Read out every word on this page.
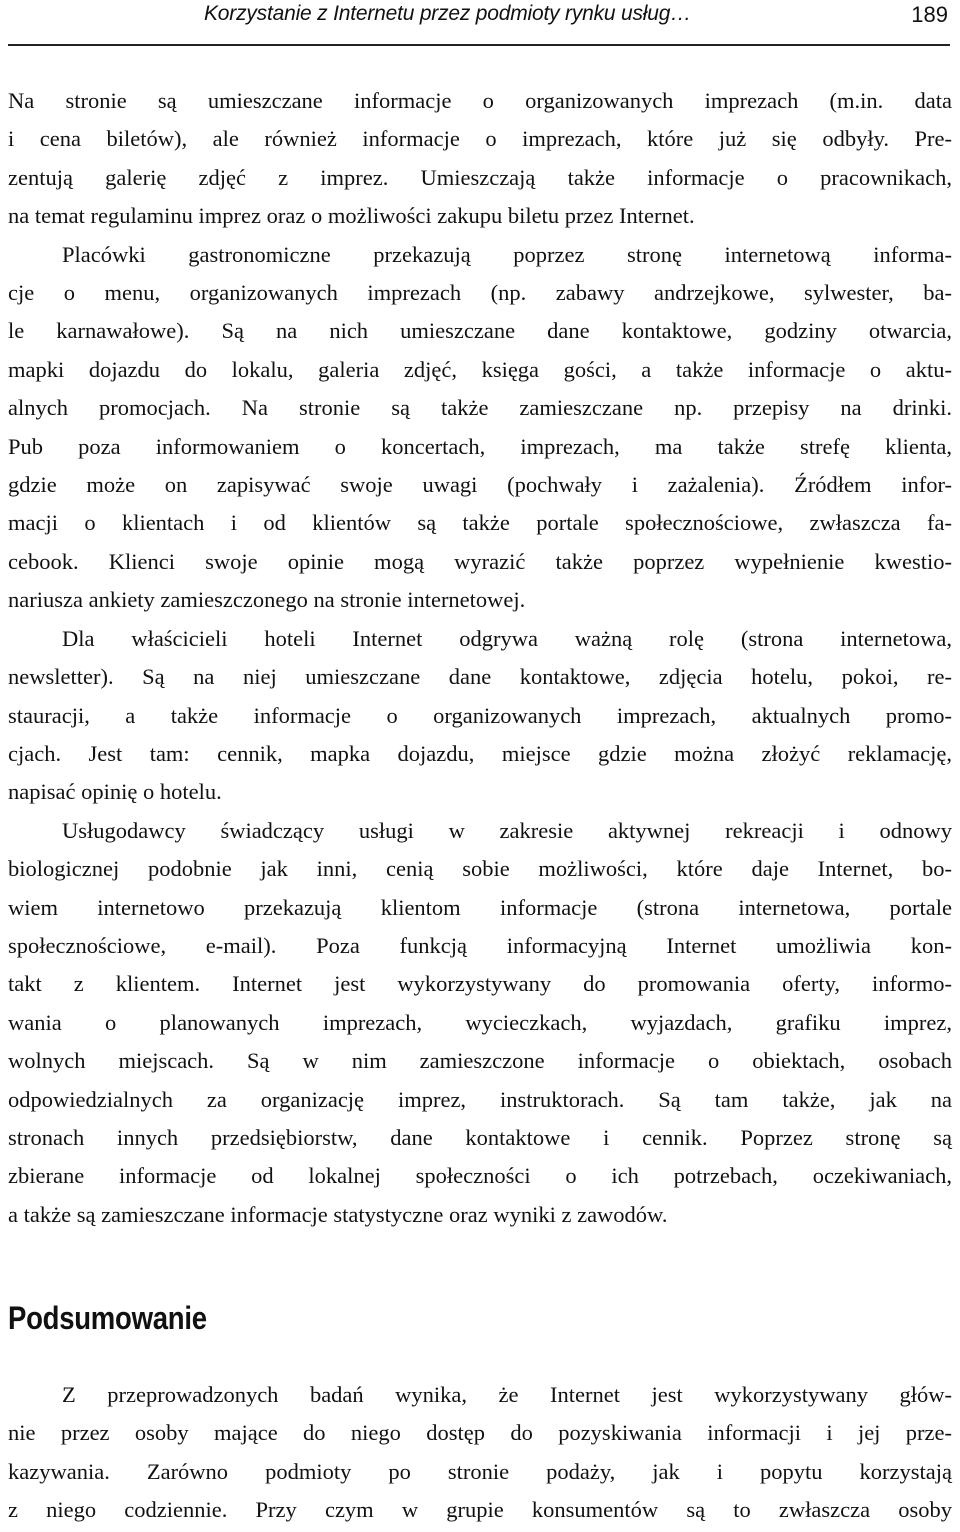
Korzystanie z Internetu przez podmioty rynku usług…	189

Na stronie są umieszczane informacje o organizowanych imprezach (m.in. data
i cena biletów), ale również informacje o imprezach, które już się odbyły. Pre-
zentują galerię zdjęć z imprez. Umieszczają także informacje o pracownikach,
na temat regulaminu imprez oraz o możliwości zakupu biletu przez Internet.

Placówki gastronomiczne przekazują poprzez stronę internetową informa-
cje o menu, organizowanych imprezach (np. zabawy andrzejkowe, sylwester, ba-
le karnawałowe). Są na nich umieszczane dane kontaktowe, godziny otwarcia,
mapki dojazdu do lokalu, galeria zdjęć, księga gości, a także informacje o aktu-
alnych promocjach. Na stronie są także zamieszczane np. przepisy na drinki.
Pub poza informowaniem o koncertach, imprezach, ma także strefę klienta,
gdzie może on zapisywać swoje uwagi (pochwały i zażalenia). Źródłem infor-
macji o klientach i od klientów są także portale społecznościowe, zwłaszcza fa-
cebook. Klienci swoje opinie mogą wyrazić także poprzez wypełnienie kwestio-
nariusza ankiety zamieszczonego na stronie internetowej.

Dla właścicieli hoteli Internet odgrywa ważną rolę (strona internetowa,
newsletter). Są na niej umieszczane dane kontaktowe, zdjęcia hotelu, pokoi, re-
stauracji, a także informacje o organizowanych imprezach, aktualnych promo-
cjach. Jest tam: cennik, mapka dojazdu, miejsce gdzie można złożyć reklamację,
napisać opinię o hotelu.

Usługodawcy świadczący usługi w zakresie aktywnej rekreacji i odnowy
biologicznej podobnie jak inni, cenią sobie możliwości, które daje Internet, bo-
wiem internetowo przekazują klientom informacje (strona internetowa, portale
społecznościowe, e-mail). Poza funkcją informacyjną Internet umożliwia kon-
takt z klientem. Internet jest wykorzystywany do promowania oferty, informo-
wania o planowanych imprezach, wycieczkach, wyjazdach, grafiku imprez,
wolnych miejscach. Są w nim zamieszczone informacje o obiektach, osobach
odpowiedzialnych za organizację imprez, instruktorach. Są tam także, jak na
stronach innych przedsiębiorstw, dane kontaktowe i cennik. Poprzez stronę są
zbierane informacje od lokalnej społeczności o ich potrzebach, oczekiwaniach,
a także są zamieszczane informacje statystyczne oraz wyniki z zawodów.

Podsumowanie

Z przeprowadzonych badań wynika, że Internet jest wykorzystywany głów-
nie przez osoby mające do niego dostęp do pozyskiwania informacji i jej prze-
kazywania. Zarówno podmioty po stronie podaży, jak i popytu korzystają
z niego codziennie. Przy czym w grupie konsumentów są to zwłaszcza osoby
